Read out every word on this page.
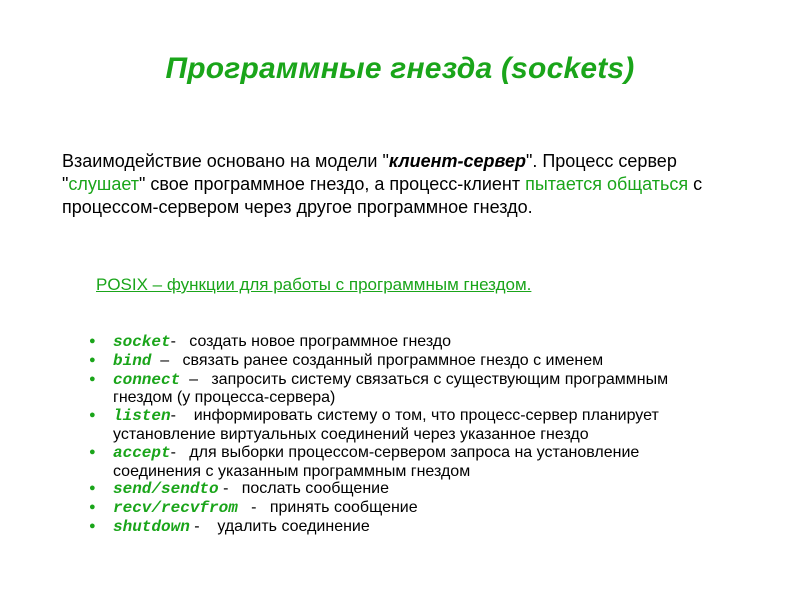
Программные гнезда (sockets)
Взаимодействие основано на модели "клиент-сервер". Процесс сервер "слушает" свое программное гнездо, а процесс-клиент пытается общаться с процессом-сервером через другое программное гнездо.
POSIX – функции для работы с программным гнездом.
● socket-   создать новое программное гнездо
● bind  –   связать ранее созданный программное гнездо с именем
● connect  –   запросить систему связаться с существующим программным гнездом (у процесса-сервера)
● listen-    информировать систему о том, что процесс-сервер планирует установление виртуальных соединений через указанное гнездо
● accept-   для выборки процессом-сервером запроса на установление соединения с указанным программным гнездом
● send/sendto -   послать сообщение
● recv/recvfrom   -   принять сообщение
● shutdown -    удалить соединение
